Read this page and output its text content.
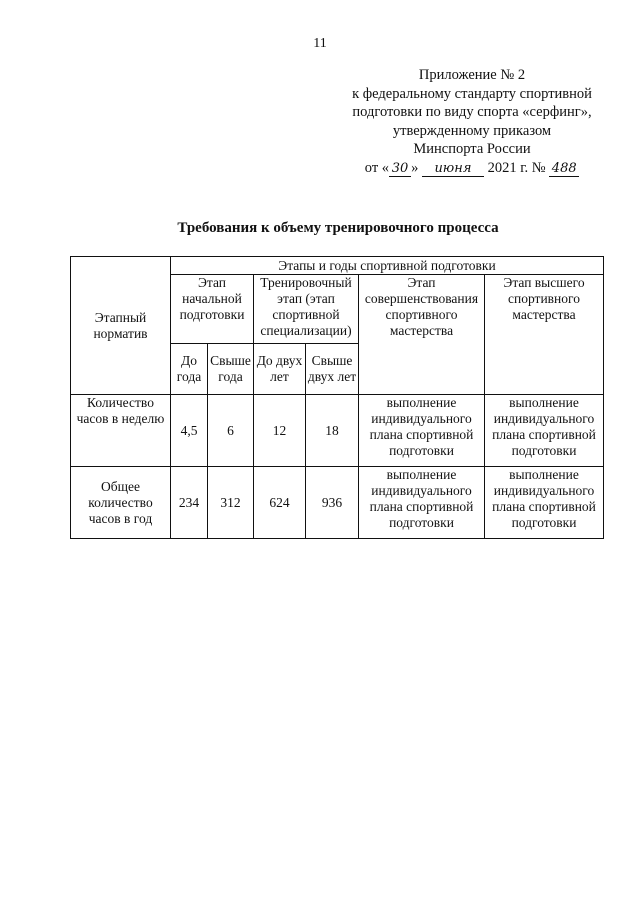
11
Приложение № 2
к федеральному стандарту спортивной
подготовки по виду спорта «серфинг»,
утвержденному приказом
Минспорта России
от « 30 » июня 2021 г. № 488
Требования к объему тренировочного процесса
Этапный норматив	Этапы и годы спортивной подготовки					
	Этап начальной подготовки		Тренировочный этап (этап спортивной специализации)		Этап совершенствования спортивного мастерства	Этап высшего спортивного мастерства
	До года	Свыше года	До двух лет	Свыше двух лет		
Количество часов в неделю	4,5	6	12	18	выполнение индивидуального плана спортивной подготовки	выполнение индивидуального плана спортивной подготовки
Общее количество часов в год	234	312	624	936	выполнение индивидуального плана спортивной подготовки	выполнение индивидуального плана спортивной подготовки
